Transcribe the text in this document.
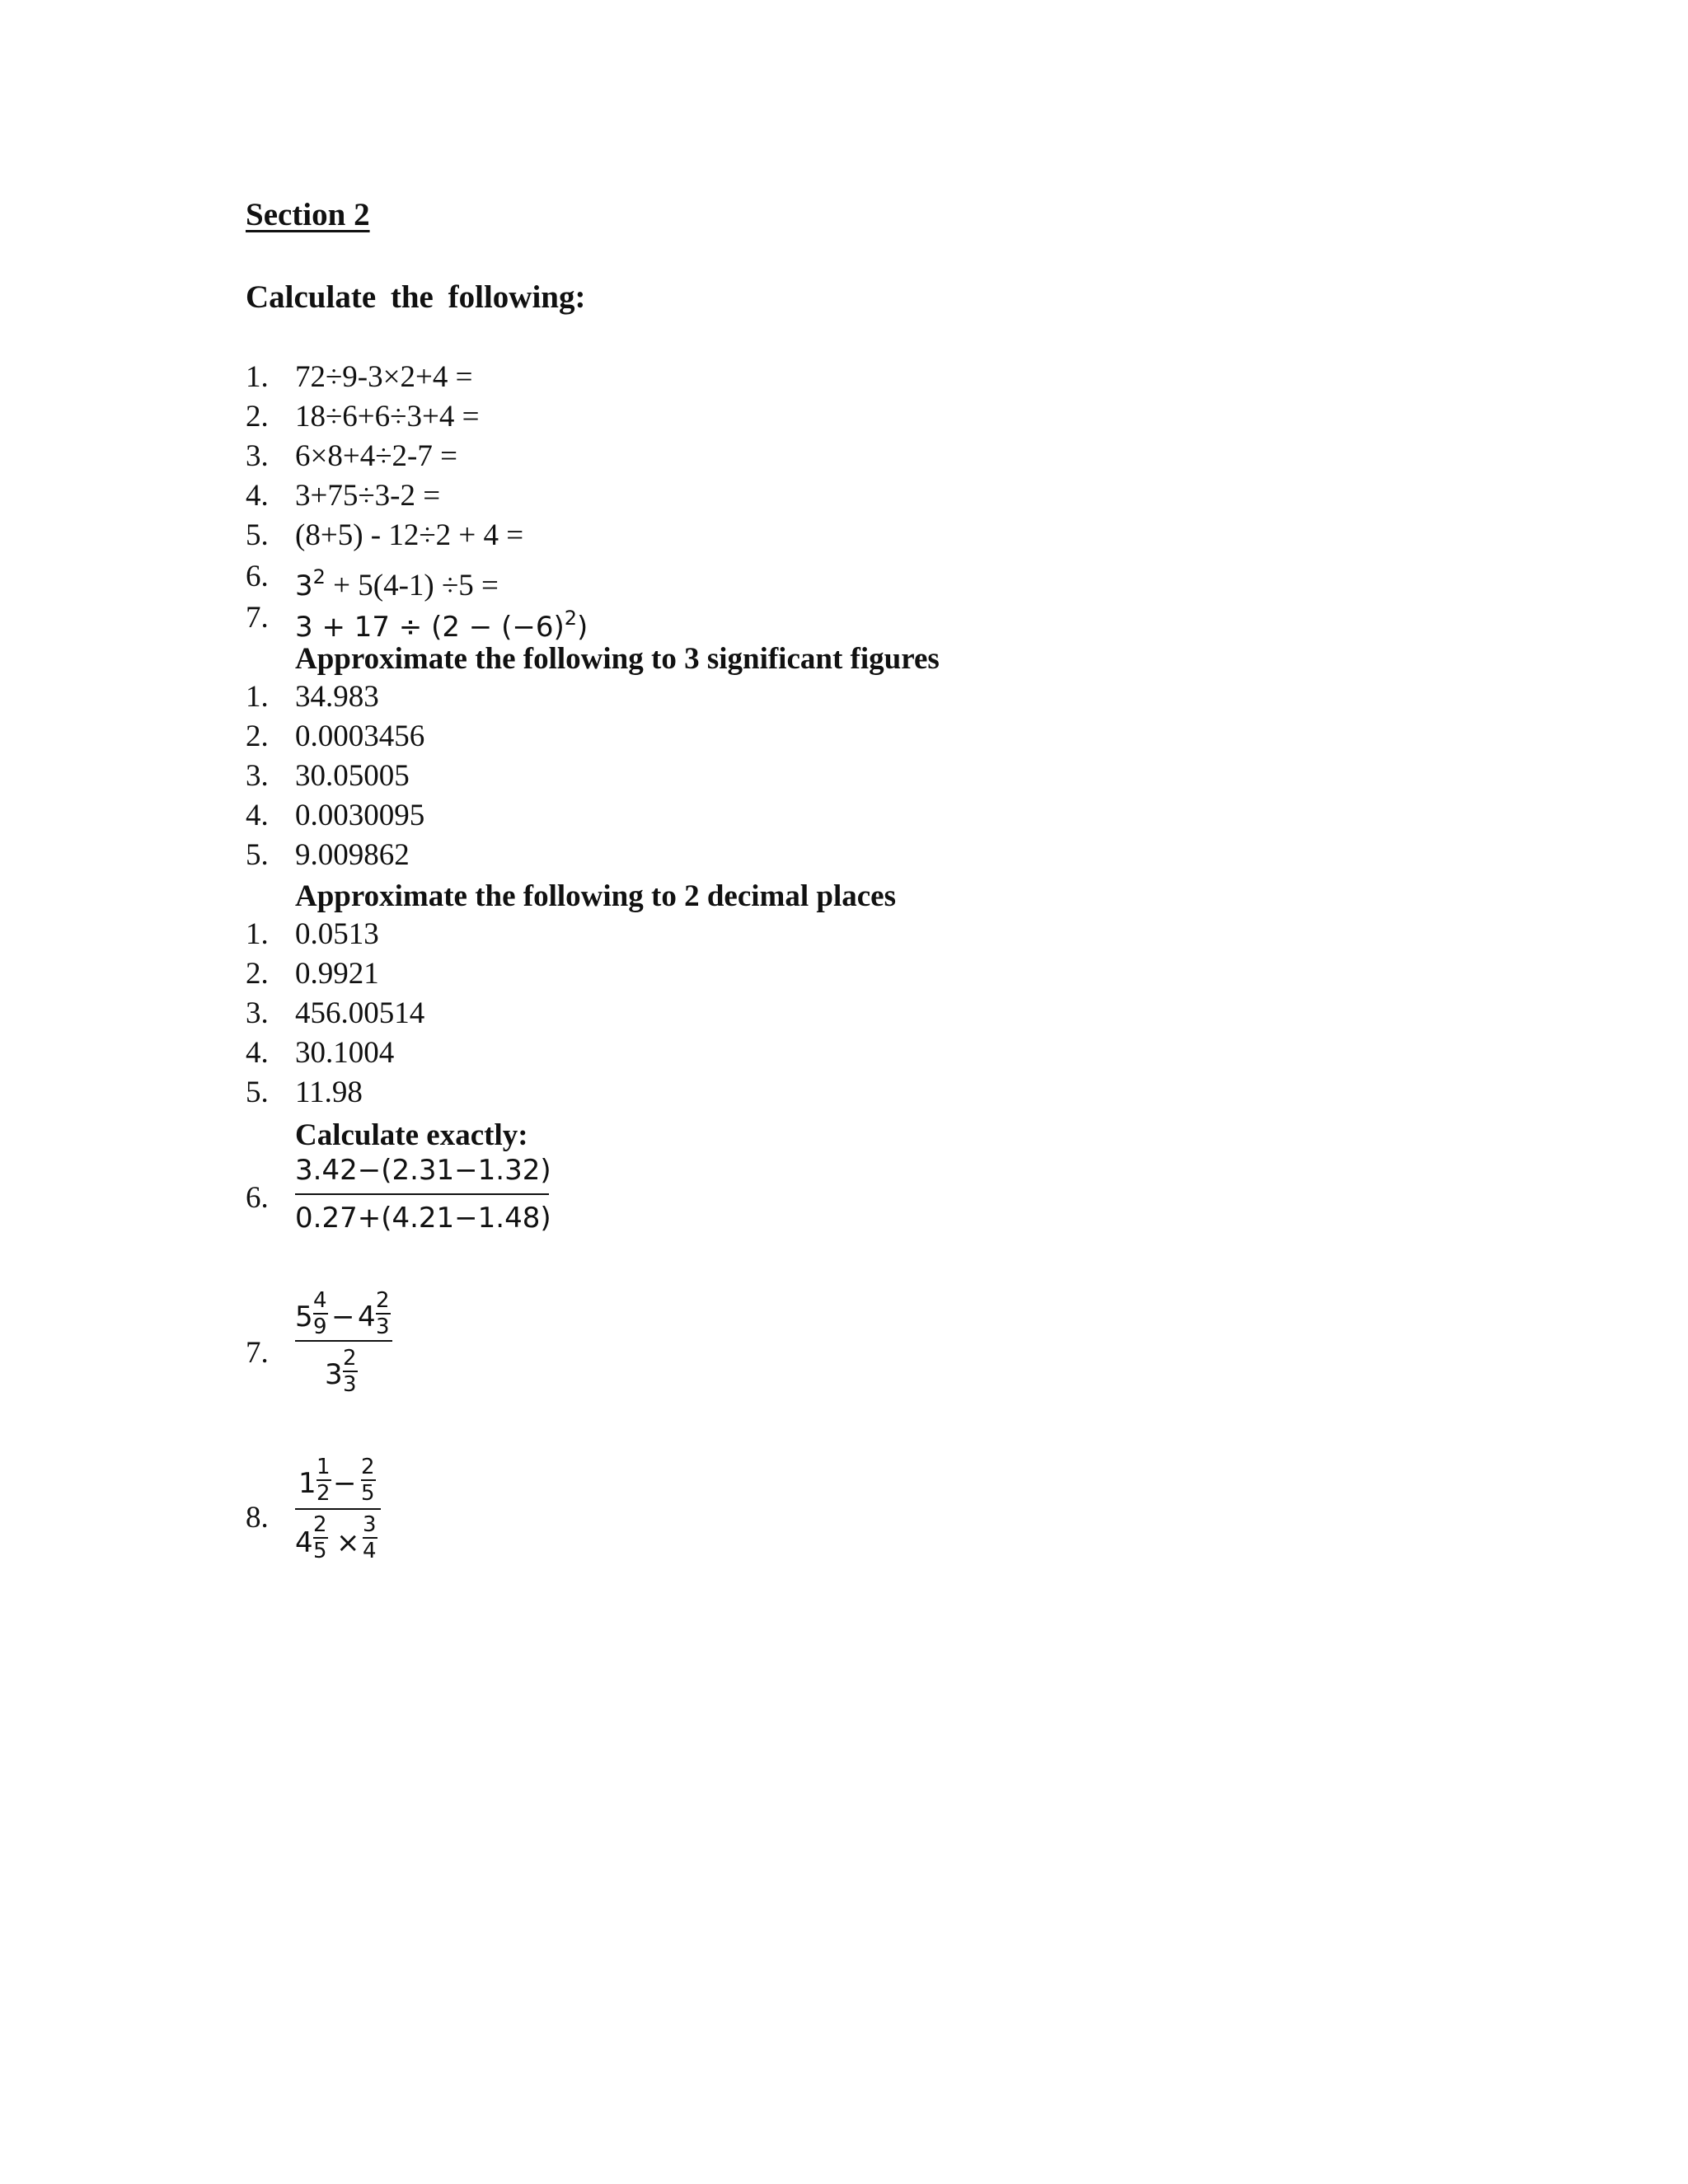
Section 2
Calculate the following:
1. 72÷9-3×2+4 =
2. 18÷6+6÷3+4 =
3. 6×8+4÷2-7 =
4. 3+75÷3-2 =
5. (8+5) - 12÷2 + 4 =
6. $3^2 + 5(4-1) \div 5$ =
7. $3 + 17 \div (2 - (-6)^2)$
Approximate the following to 3 significant figures
1. 34.983
2. 0.0003456
3. 30.05005
4. 0.0030095
5. 9.009862
Approximate the following to 2 decimal places
1. 0.0513
2. 0.9921
3. 456.00514
4. 30.1004
5. 11.98
Calculate exactly:
6.
3.42−(2.31−1.32)
0.27+(4.21−1.48)
7.
5 4
9 − 4 2
3
3 2
3
8.
1 1
2 − 2
5
4
2
5 ×
3
4
